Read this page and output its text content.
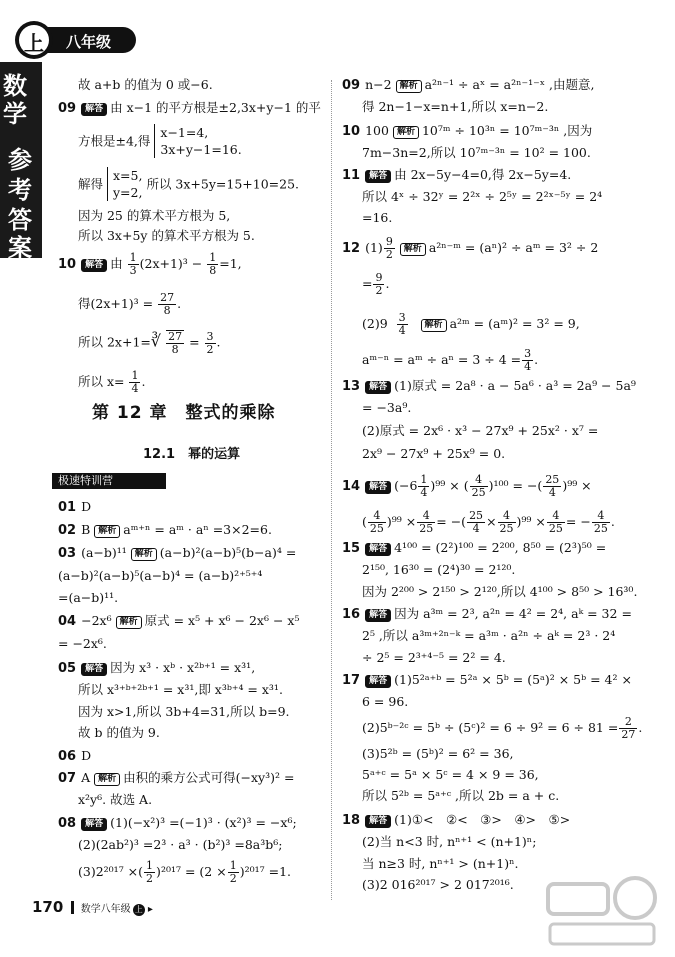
上 八年级
数
学
参
考
答
案
故 a+b 的值为 0 或−6.
09 解答 由 x−1 的平方根是±2,3x+y−1 的平
方根是±4,得 x−1=4,
3x+y−1=16.
解得 x=5,
y=2, 所以 3x+5y=15+10=25.
因为 25 的算术平方根为 5,
所以 3x+5y 的算术平方根为 5.
10 解答 由 $\frac{1}{3} (2x+1)^3 - \frac{1}{8} =1$,
得$(2x+1)^3 = \frac{27}{8}$ .
所以 2x+1=∛ $\frac{27}{8} = \frac{3}{2}$ .
所以 $x= \frac{1}{4}$ .
第 12 章　整式的乘除
12.1　幂的运算
极速特训营
01 D
02 B 解析 aᵐ⁺ⁿ = aᵐ · aⁿ =3×2=6.
03 (a−b)¹¹ 解析 (a−b)²(a−b)⁵(b−a)⁴ =
(a−b)²(a−b)⁵(a−b)⁴ = (a−b)²⁺⁵⁺⁴
=(a−b)¹¹.
04 −2x⁶ 解析 原式 = x⁵ + x⁶ − 2x⁶ − x⁵
= −2x⁶.
05 解答 因为 x³ · xᵇ · x²ᵇ⁺¹ = x³¹,
所以 x³⁺ᵇ⁺²ᵇ⁺¹ = x³¹,即 x³ᵇ⁺⁴ = x³¹.
因为 x>1,所以 3b+4=31,所以 b=9.
故 b 的值为 9.
06 D
07 A 解析 由积的乘方公式可得(−xy³)² =
x²y⁶. 故选 A.
08 解答 (1)(−x²)³ =(−1)³ · (x²)³ = −x⁶;
(2)(2ab²)³ =2³ · a³ · (b²)³ =8a³b⁶;
(3)2²⁰¹⁷ ×( $\frac{1}{2} )^{2017} = (2 \times \frac{1}{2} )^{2017} =1$.
09 n−2 解析 a²ⁿ⁻¹ ÷ aˣ = a²ⁿ⁻¹⁻ˣ ,由题意,
得 2n−1−x=n+1,所以 x=n−2.
10 100 解析 10⁷ᵐ ÷ 10³ⁿ = 10⁷ᵐ⁻³ⁿ ,因为
7m−3n=2,所以 10⁷ᵐ⁻³ⁿ = 10² = 100.
11 解答 由 2x−5y−4=0,得 2x−5y=4.
所以 4ˣ ÷ 32ʸ = 2²ˣ ÷ 2⁵ʸ = 2²ˣ⁻⁵ʸ = 2⁴
=16.
12 $(1) \frac{9}{2}$ 解析 a²ⁿ⁻ᵐ = (aⁿ)² ÷ aᵐ = 3² ÷ 2
= $\frac{9}{2}$ .
$(2)9 \frac{3}{4}$ 解析 a²ᵐ = (aᵐ)² = 3² = 9,
aᵐ⁻ⁿ = aᵐ ÷ $a^n = 3 \div 4 = \frac{3}{4}$ .
13 解答 (1)原式 = 2a⁸ · a − 5a⁶ · a³ = 2a⁹ − 5a⁹
= −3a⁹.
(2)原式 = 2x⁶ · x³ − 27x⁹ + 25x² · x⁷ =
2x⁹ − 27x⁹ + 25x⁹ = 0.
14 解答 $(-6 \frac{1}{4} )^{99}$ × ( $\frac{4}{25} )^{100}$ = −( $\frac{25}{4} )^{99}$ ×
( $\frac{4}{25} )^{99} \times \frac{4}{25}$ = −( $\frac{25}{4} \times \frac{4}{25} )^{99} \times \frac{4}{25}$ = − $\frac{4}{25}$ .
15 解答 4¹⁰⁰ = (2²)¹⁰⁰ = 2²⁰⁰, 8⁵⁰ = (2³)⁵⁰ =
2¹⁵⁰, 16³⁰ = (2⁴)³⁰ = 2¹²⁰.
因为 2²⁰⁰ > 2¹⁵⁰ > 2¹²⁰,所以 4¹⁰⁰ > 8⁵⁰ > 16³⁰.
16 解答 因为 a³ᵐ = 2³, a²ⁿ = 4² = 2⁴, aᵏ = 32 =
2⁵ ,所以 a³ᵐ⁺²ⁿ⁻ᵏ = a³ᵐ · a²ⁿ ÷ aᵏ = 2³ · 2⁴
÷ 2⁵ = 2³⁺⁴⁻⁵ = 2² = 4.
17 解答 (1)5²ᵃ⁺ᵇ = 5²ᵃ × 5ᵇ = (5ᵃ)² × 5ᵇ = 4² ×
6 = 96.
(2)5ᵇ⁻²ᶜ = 5ᵇ ÷ (5ᶜ)² = $6 \div 9^2 = 6 \div 81 = \frac{2}{27}$ .
(3)5²ᵇ = (5ᵇ)² = 6² = 36,
5ᵃ⁺ᶜ = 5ᵃ × 5ᶜ = 4 × 9 = 36,
所以 5²ᵇ = 5ᵃ⁺ᶜ ,所以 2b = a + c.
18 解答 (1)①<　②<　③>　④>　⑤>
(2)当 n<3 时, nⁿ⁺¹ < (n+1)ⁿ;
当 n≥3 时, nⁿ⁺¹ > (n+1)ⁿ.
(3)2 016²⁰¹⁷ > 2 017²⁰¹⁶.
170 数学八年级 上 ▸
